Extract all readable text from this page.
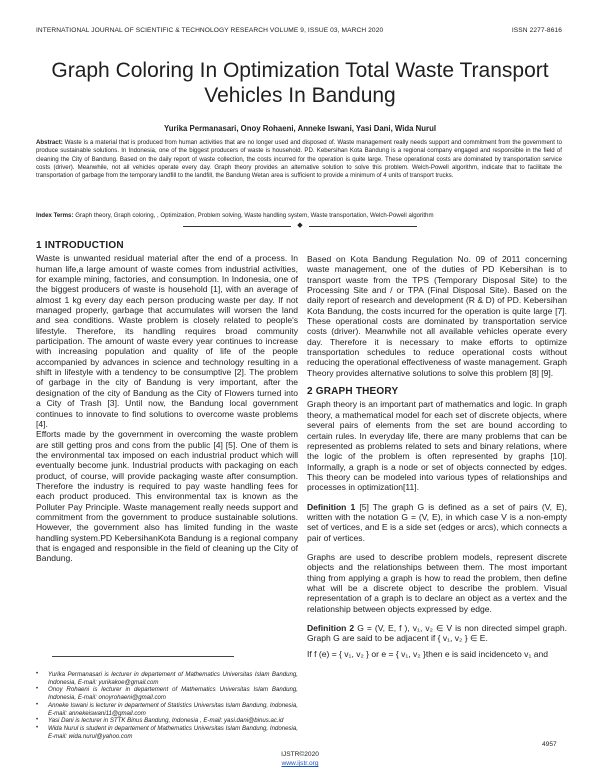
INTERNATIONAL JOURNAL OF SCIENTIFIC & TECHNOLOGY RESEARCH VOLUME 9, ISSUE 03, MARCH 2020	ISSN 2277-8616
Graph Coloring In Optimization Total Waste Transport Vehicles In Bandung
Yurika Permanasari, Onoy Rohaeni, Anneke Iswani, Yasi Dani, Wida Nurul

Abstract: Waste is a material that is produced from human activities that are no longer used and disposed of. Waste management really needs support and commitment from the government to produce sustainable solutions. In Indonesia, one of the biggest producers of waste is household. PD. Kebersihan Kota Bandung is a regional company engaged and responsible in the field of cleaning the City of Bandung. Based on the daily report of waste collection, the costs incurred for the operation is quite large. These operational costs are dominated by transportation service costs (driver). Meanwhile, not all vehicles operate every day. Graph theory provides an alternative solution to solve this problem. Welch-Powell algorithm, indicate that to facilitate the transportation of garbage from the temporary landfill to the landfill, the Bandung Wetan area is sufficient to provide a minimum of 4 units of transport trucks.

Index Terms: Graph theory, Graph coloring, , Optimization, Problem solving, Waste handling system, Waste transportation, Welch-Powell algorithm

◆
1 INTRODUCTION

Waste is unwanted residual material after the end of a process. In human life,a large amount of waste comes from industrial activities, for example mining, factories, and consumption. In Indonesia, one of the biggest producers of waste is household [1], with an average of almost 1 kg every day each person producing waste per day. If not managed properly, garbage that accumulates will worsen the land and sea conditions. Waste problem is closely related to people's lifestyle. Therefore, its handling requires broad community participation. The amount of waste every year continues to increase with increasing population and quality of life of the people accompanied by advances in science and technology resulting in a shift in lifestyle with a tendency to be consumptive [2]. The problem of garbage in the city of Bandung is very important, after the designation of the city of Bandung as the City of Flowers turned into a City of Trash [3]. Until now, the Bandung local government continues to innovate to find solutions to overcome waste problems [4].

Efforts made by the government in overcoming the waste problem are still getting pros and cons from the public [4] [5]. One of them is the environmental tax imposed on each industrial product which will eventually become junk. Industrial products with packaging on each product, of course, will provide packaging waste after consumption. Therefore the industry is required to pay waste handling fees for each product produced. This environmental tax is known as the Polluter Pay Principle. Waste management really needs support and commitment from the government to produce sustainable solutions. However, the government also has limited funding in the waste handling system.PD KebersihanKota Bandung is a regional company that is engaged and responsible in the field of cleaning up the City of Bandung.

Based on Kota Bandung Regulation No. 09 of 2011 concerning waste management, one of the duties of PD Kebersihan is to transport waste from the TPS (Temporary Disposal Site) to the Processing Site and / or TPA (Final Disposal Site). Based on the daily report of research and development (R & D) of PD. Kebersihan Kota Bandung, the costs incurred for the operation is quite large [7]. These operational costs are dominated by transportation service costs (driver). Meanwhile not all available vehicles operate every day. Therefore it is necessary to make efforts to optimize transportation schedules to reduce operational costs without reducing the operational effectiveness of waste management. Graph Theory provides alternative solutions to solve this problem [8] [9].

2 GRAPH THEORY

Graph theory is an important part of mathematics and logic. In graph theory, a mathematical model for each set of discrete objects, where several pairs of elements from the set are bound according to certain rules. In everyday life, there are many problems that can be represented as problems related to sets and binary relations, where the logic of the problem is often represented by graphs [10]. Informally, a graph is a node or set of objects connected by edges. This theory can be modeled into various types of relationships and processes in optimization[11].

Definition 1 [5] The graph G is defined as a set of pairs (V, E), written with the notation G = (V, E), in which case V is a non-empty set of vertices, and E is a side set (edges or arcs), which connects a pair of vertices.

Graphs are used to describe problem models, represent discrete objects and the relationships between them. The most important thing from applying a graph is how to read the problem, then define what will be a discrete object to describe the problem. Visual representation of a graph is to declare an object as a vertex and the relationship between objects expressed by edge.

Definition 2 G = (V, E, f ), v₁, v₂ ∈ V is non directed simpel graph. Graph G are said to be adjacent if { v₁, v₂ } ∈ E.

If f (e) = { v₁, v₂ } or e = { v₁, v₂ }then e is said incidenceto v₁ and

• Yurika Permanasari is lecturer in departement of Mathematics Universitas Islam Bandung, Indonesia, E-mail: yurikakoe@gmail.com
• Onoy Rohaeni is lecturer in departement of Mathematics Universitas Islam Bandung, Indonesia, E-mail: onoyrohaeni@gmail.com
• Anneke Iswani is lecturer in departement of Statistics Universitas Islam Bandung, Indonesia, E-mail: annekeiswani11@gmail.com
• Yasi Dani is lecturer in STTK Binus Bandung, Indonesia , E-mail: yasi.dani@binus.ac.id
• Wida Nurul is student in departement of Mathematics Universitas Islam Bandung, Indonesia, E-mail: wida.nurul@yahoo.com
4957
IJSTR©2020
www.ijstr.org
